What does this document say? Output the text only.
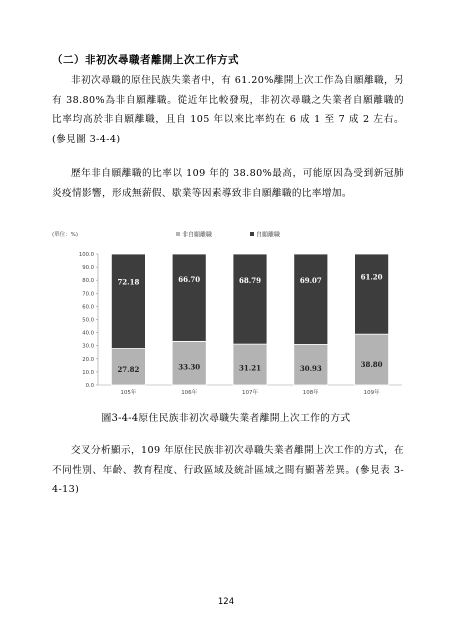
（二）非初次尋職者離開上次工作方式
非初次尋職的原住民族失業者中，有 61.20%離開上次工作為自願離職，另有 38.80%為非自願離職。從近年比較發現，非初次尋職之失業者自願離職的比率均高於非自願離職，且自 105 年以來比率約在 6 成 1 至 7 成 2 左右。(參見圖 3-4-4)
歷年非自願離職的比率以 109 年的 38.80%最高，可能原因為受到新冠肺炎疫情影響，形成無薪假、歇業等因素導致非自願離職的比率增加。
(單位：%)	非自願離職	自願離職
0.0
10.0
20.0
30.0
40.0
50.0
60.0
70.0
80.0
90.0
100.0
27.82
72.18
105年
33.30
66.70
106年
31.21
68.79
107年
30.93
69.07
108年
38.80
61.20
109年
圖3-4-4原住民族非初次尋職失業者離開上次工作的方式
交叉分析顯示，109 年原住民族非初次尋職失業者離開上次工作的方式，在不同性別、年齡、教育程度、行政區域及統計區域之間有顯著差異。(參見表 3-4-13)
124
